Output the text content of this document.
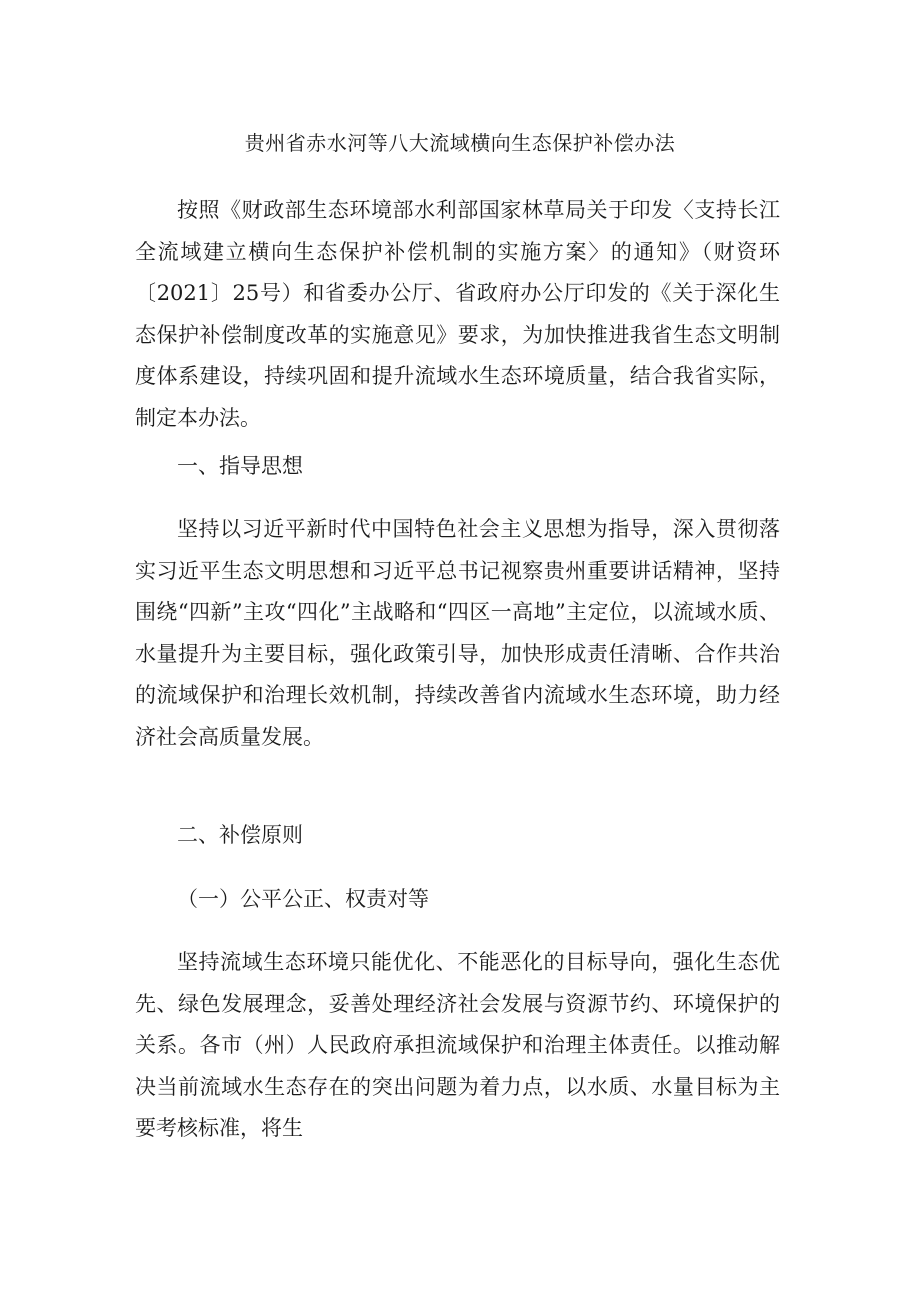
贵州省赤水河等八大流域横向生态保护补偿办法

按照《财政部生态环境部水利部国家林草局关于印发〈支持长江全流域建立横向生态保护补偿机制的实施方案〉的通知》（财资环〔2021〕25号）和省委办公厅、省政府办公厅印发的《关于深化生态保护补偿制度改革的实施意见》要求，为加快推进我省生态文明制度体系建设，持续巩固和提升流域水生态环境质量，结合我省实际，制定本办法。

一、指导思想

坚持以习近平新时代中国特色社会主义思想为指导，深入贯彻落实习近平生态文明思想和习近平总书记视察贵州重要讲话精神，坚持围绕“四新”主攻“四化”主战略和“四区一高地”主定位，以流域水质、水量提升为主要目标，强化政策引导，加快形成责任清晰、合作共治的流域保护和治理长效机制，持续改善省内流域水生态环境，助力经济社会高质量发展。

二、补偿原则

（一）公平公正、权责对等

坚持流域生态环境只能优化、不能恶化的目标导向，强化生态优先、绿色发展理念，妥善处理经济社会发展与资源节约、环境保护的关系。各市（州）人民政府承担流域保护和治理主体责任。以推动解决当前流域水生态存在的突出问题为着力点，以水质、水量目标为主要考核标准，将生
